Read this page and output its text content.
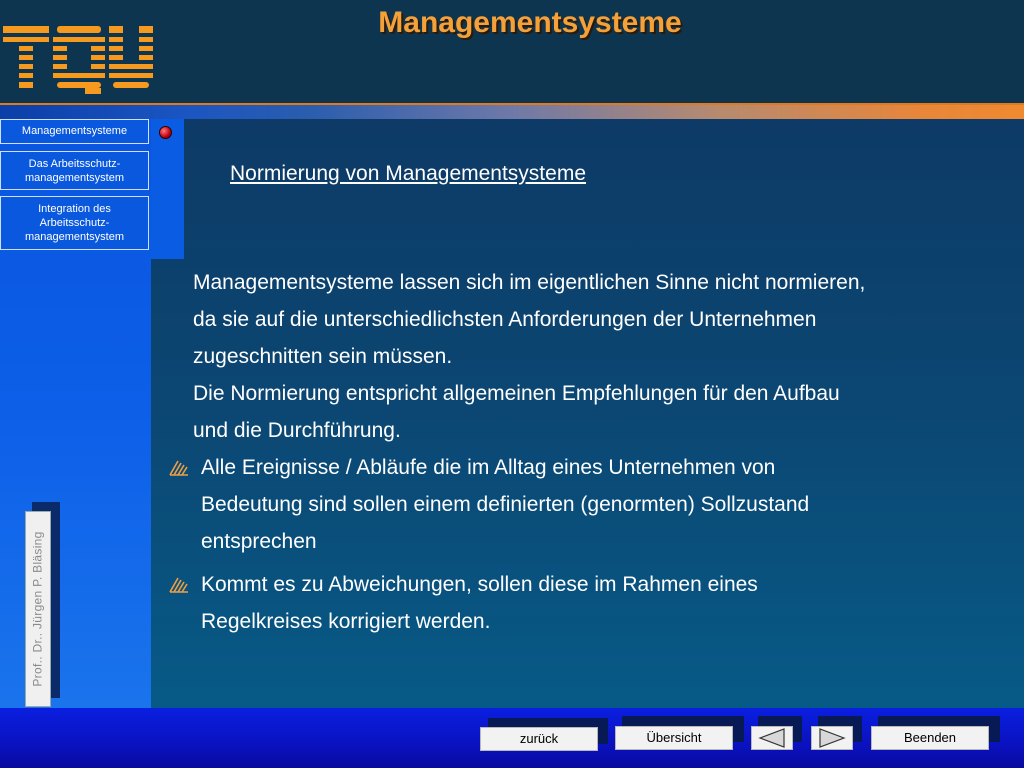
Managementsysteme
Managementsysteme
Das Arbeitsschutz-
managementsystem
Integration des
Arbeitsschutz-
managementsystem
Prof.. Dr.. Jürgen P. Bläsing
Normierung von Managementsysteme
Managementsysteme lassen sich im eigentlichen Sinne nicht normieren,
da sie auf die unterschiedlichsten Anforderungen der Unternehmen
zugeschnitten sein müssen.
Die Normierung entspricht allgemeinen Empfehlungen für den Aufbau
und die Durchführung.
Alle Ereignisse / Abläufe die im Alltag eines Unternehmen von
Bedeutung sind sollen einem definierten (genormten) Sollzustand
entsprechen
Kommt es zu Abweichungen, sollen diese im Rahmen eines
Regelkreises korrigiert werden.
zurück	Übersicht	Beenden
